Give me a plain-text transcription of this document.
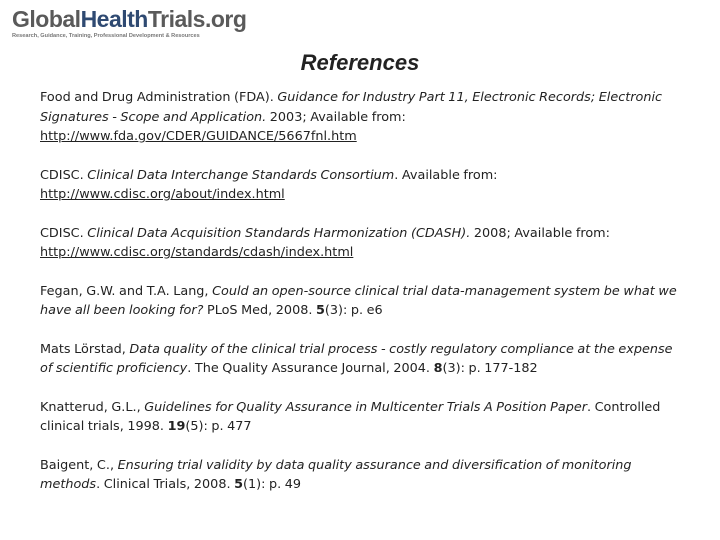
GlobalHealthTrials.org
Research, Guidance, Training, Professional Development & Resources
References
Food and Drug Administration (FDA). Guidance for Industry Part 11, Electronic Records; Electronic Signatures - Scope and Application. 2003; Available from:
http://www.fda.gov/CDER/GUIDANCE/5667fnl.htm
CDISC. Clinical Data Interchange Standards Consortium. Available from:
http://www.cdisc.org/about/index.html
CDISC. Clinical Data Acquisition Standards Harmonization (CDASH). 2008; Available from:
http://www.cdisc.org/standards/cdash/index.html
Fegan, G.W. and T.A. Lang, Could an open-source clinical trial data-management system be what we have all been looking for? PLoS Med, 2008. 5(3): p. e6
Mats Lörstad, Data quality of the clinical trial process - costly regulatory compliance at the expense of scientific proficiency. The Quality Assurance Journal, 2004. 8(3): p. 177-182
Knatterud, G.L., Guidelines for Quality Assurance in Multicenter Trials A Position Paper. Controlled clinical trials, 1998. 19(5): p. 477
Baigent, C., Ensuring trial validity by data quality assurance and diversification of monitoring methods. Clinical Trials, 2008. 5(1): p. 49
